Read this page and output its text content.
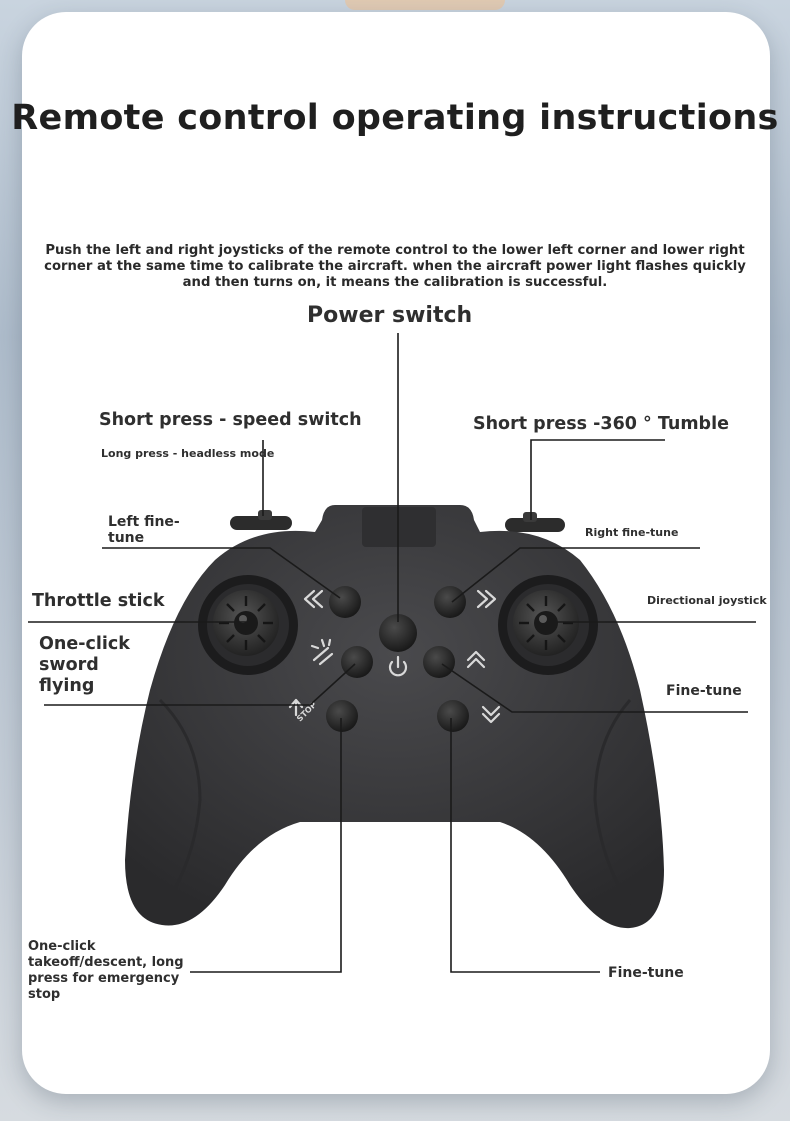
Remote control operating instructions
Push the left and right joysticks of the remote control to the lower left corner and lower right corner at the same time to calibrate the aircraft. when the aircraft power light flashes quickly and then turns on, it means the calibration is successful.
STOP
Power switch
Short press - speed switch
Long press - headless mode
Short press -360 ° Tumble
Left fine-tune	Right fine-tune
Throttle stick	Directional joystick
One-click sword flying	Fine-tune
One-click takeoff/descent, long press for emergency stop
Fine-tune
